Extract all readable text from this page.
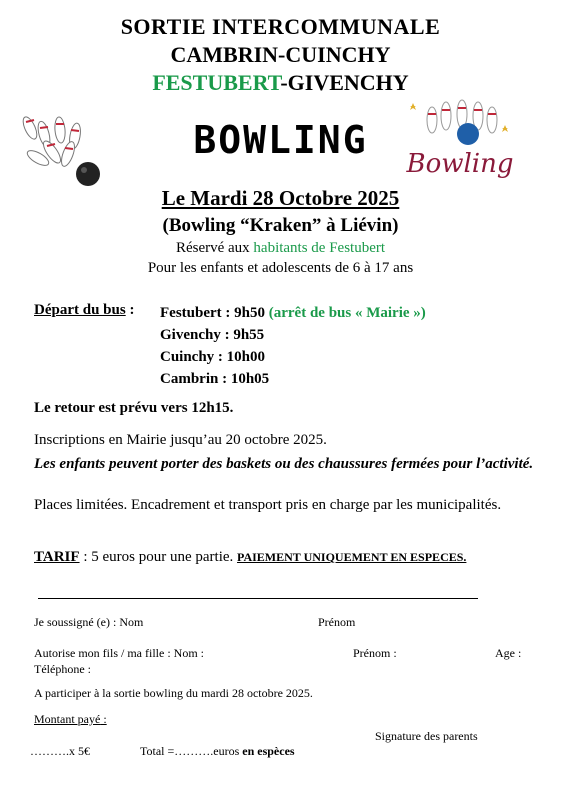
SORTIE INTERCOMMUNALE
CAMBRIN-CUINCHY
FESTUBERT-GIVENCHY
BOWLING
Bowling
Le Mardi 28 Octobre 2025
(Bowling “Kraken” à Liévin)
Réservé aux habitants de Festubert
Pour les enfants et adolescents de 6 à 17 ans
Départ du bus : Festubert : 9h50 (arrêt de bus « Mairie »)
Givenchy : 9h55
Cuinchy : 10h00
Cambrin : 10h05
Le retour est prévu vers 12h15.
Inscriptions en Mairie jusqu’au 20 octobre 2025.
Les enfants peuvent porter des baskets ou des chaussures fermées pour l’activité.
Places limitées. Encadrement et transport pris en charge par les municipalités.
TARIF : 5 euros pour une partie. PAIEMENT UNIQUEMENT EN ESPECES.
Je soussigné (e) : Nom	Prénom
Autorise mon fils / ma fille : Nom :	Prénom :	Age :
Téléphone :
A participer à la sortie bowling du mardi 28 octobre 2025.
Montant payé :
Signature des parents
……….x 5€	Total =……….euros en espèces
